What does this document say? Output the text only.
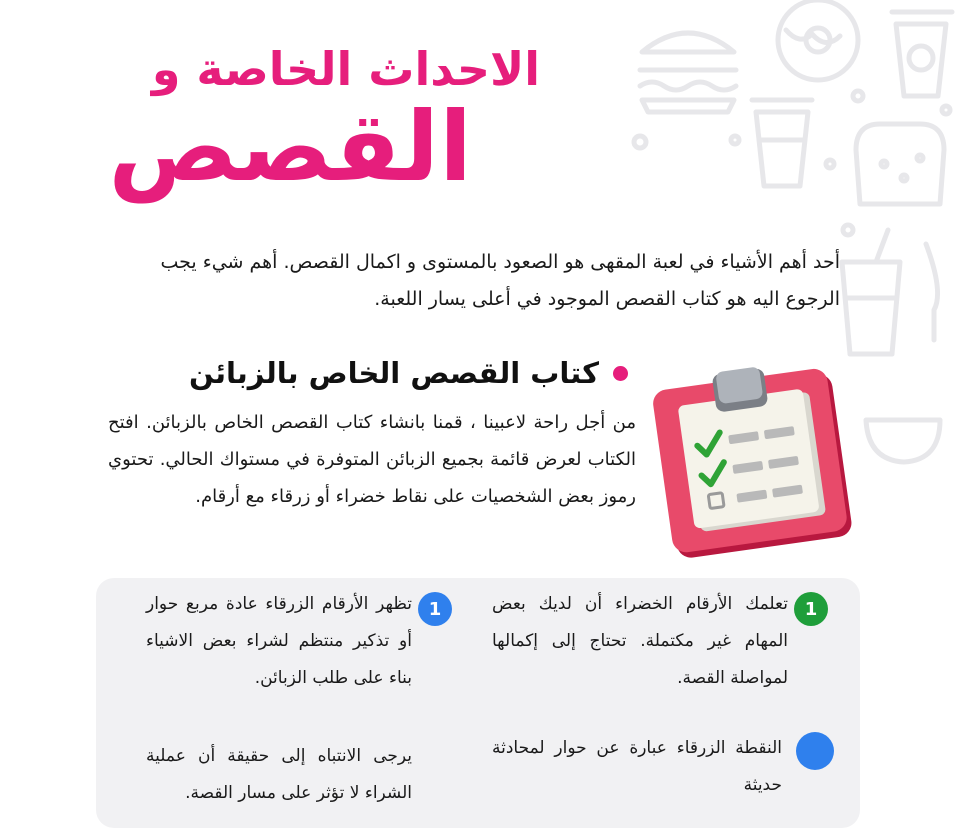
الاحداث الخاصة و
القصص
أحد أهم الأشياء في لعبة المقهى هو الصعود بالمستوى و اكمال القصص. أهم شيء يجب الرجوع اليه هو كتاب القصص الموجود في أعلى يسار اللعبة.
كتاب القصص الخاص بالزبائن
من أجل راحة لاعبينا ، قمنا بانشاء كتاب القصص الخاص بالزبائن. افتح الكتاب لعرض قائمة بجميع الزبائن المتوفرة في مستواك الحالي. تحتوي رموز بعض الشخصيات على نقاط خضراء أو زرقاء مع أرقام.
1
تعلمك الأرقام الخضراء أن لديك بعض المهام غير مكتملة. تحتاج إلى إكمالها لمواصلة القصة.
1
تظهر الأرقام الزرقاء عادة مربع حوار أو تذكير منتظم لشراء بعض الاشياء بناء على طلب الزبائن.
النقطة الزرقاء عبارة عن حوار لمحادثة حديثة
يرجى الانتباه إلى حقيقة أن عملية الشراء لا تؤثر على مسار القصة.
